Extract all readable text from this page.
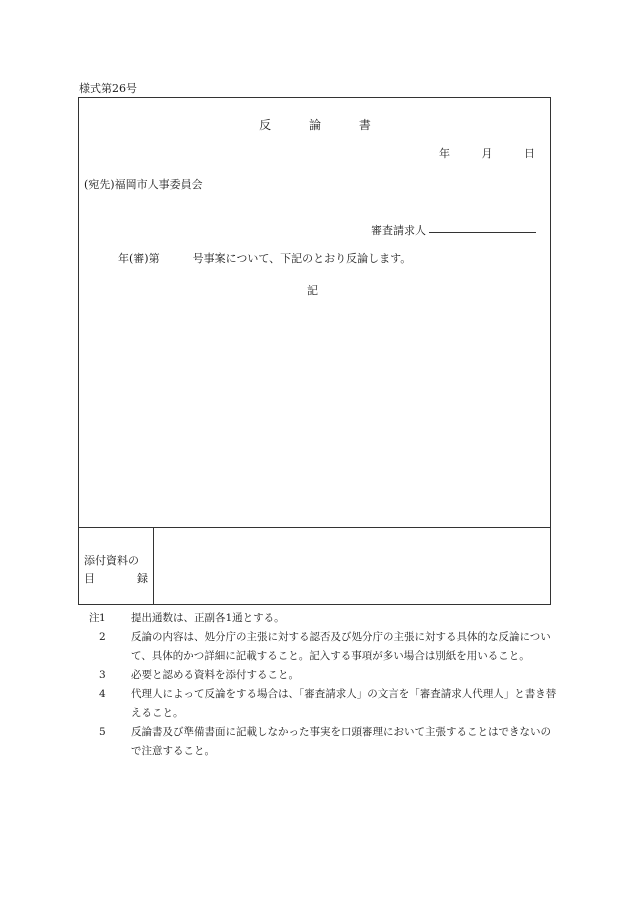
様式第26号
反	論	書
年	月	日
(宛先)福岡市人事委員会
審査請求人
年(審)第　　　号事案について、下記のとおり反論します。
記
添付資料の
目	録
注 1 提出通数は、正副各1通とする。
2 反論の内容は、処分庁の主張に対する認否及び処分庁の主張に対する具体的な反論について、具体的かつ詳細に記載すること。記入する事項が多い場合は別紙を用いること。
3 必要と認める資料を添付すること。
4 代理人によって反論をする場合は、「審査請求人」の文言を「審査請求人代理人」と書き替えること。
5 反論書及び準備書面に記載しなかった事実を口頭審理において主張することはできないので注意すること。
